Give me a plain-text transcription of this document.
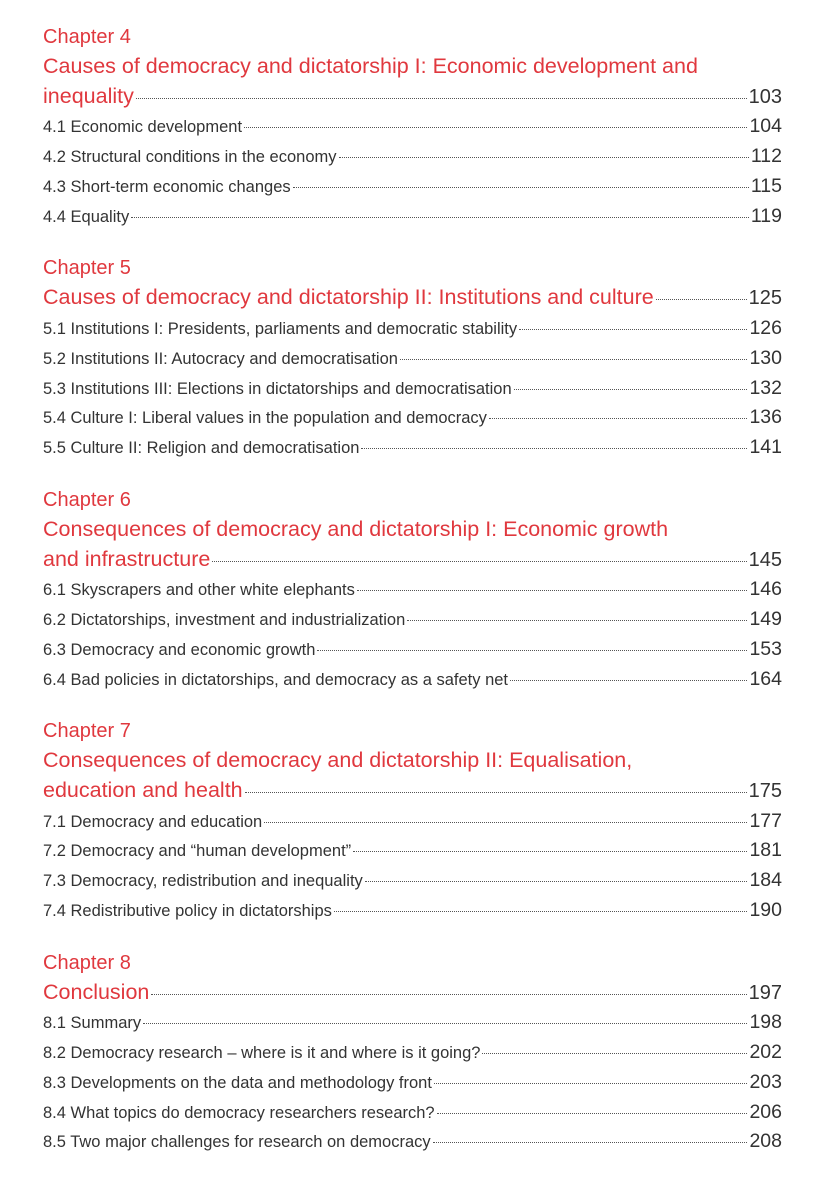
Chapter 4
Causes of democracy and dictatorship I: Economic development and
inequality	103
4.1 Economic development	104
4.2 Structural conditions in the economy	112
4.3 Short-term economic changes	115
4.4 Equality	119
Chapter 5
Causes of democracy and dictatorship II: Institutions and culture	125
5.1 Institutions I: Presidents, parliaments and democratic stability	126
5.2 Institutions II: Autocracy and democratisation	130
5.3 Institutions III: Elections in dictatorships and democratisation	132
5.4 Culture I: Liberal values in the population and democracy	136
5.5 Culture II: Religion and democratisation	141
Chapter 6
Consequences of democracy and dictatorship I: Economic growth
and infrastructure	145
6.1 Skyscrapers and other white elephants	146
6.2 Dictatorships, investment and industrialization	149
6.3 Democracy and economic growth	153
6.4 Bad policies in dictatorships, and democracy as a safety net	164
Chapter 7
Consequences of democracy and dictatorship II: Equalisation,
education and health	175
7.1 Democracy and education	177
7.2 Democracy and “human development”	181
7.3 Democracy, redistribution and inequality	184
7.4 Redistributive policy in dictatorships	190
Chapter 8
Conclusion	197
8.1 Summary	198
8.2 Democracy research – where is it and where is it going?	202
8.3 Developments on the data and methodology front	203
8.4 What topics do democracy researchers research?	206
8.5 Two major challenges for research on democracy	208
